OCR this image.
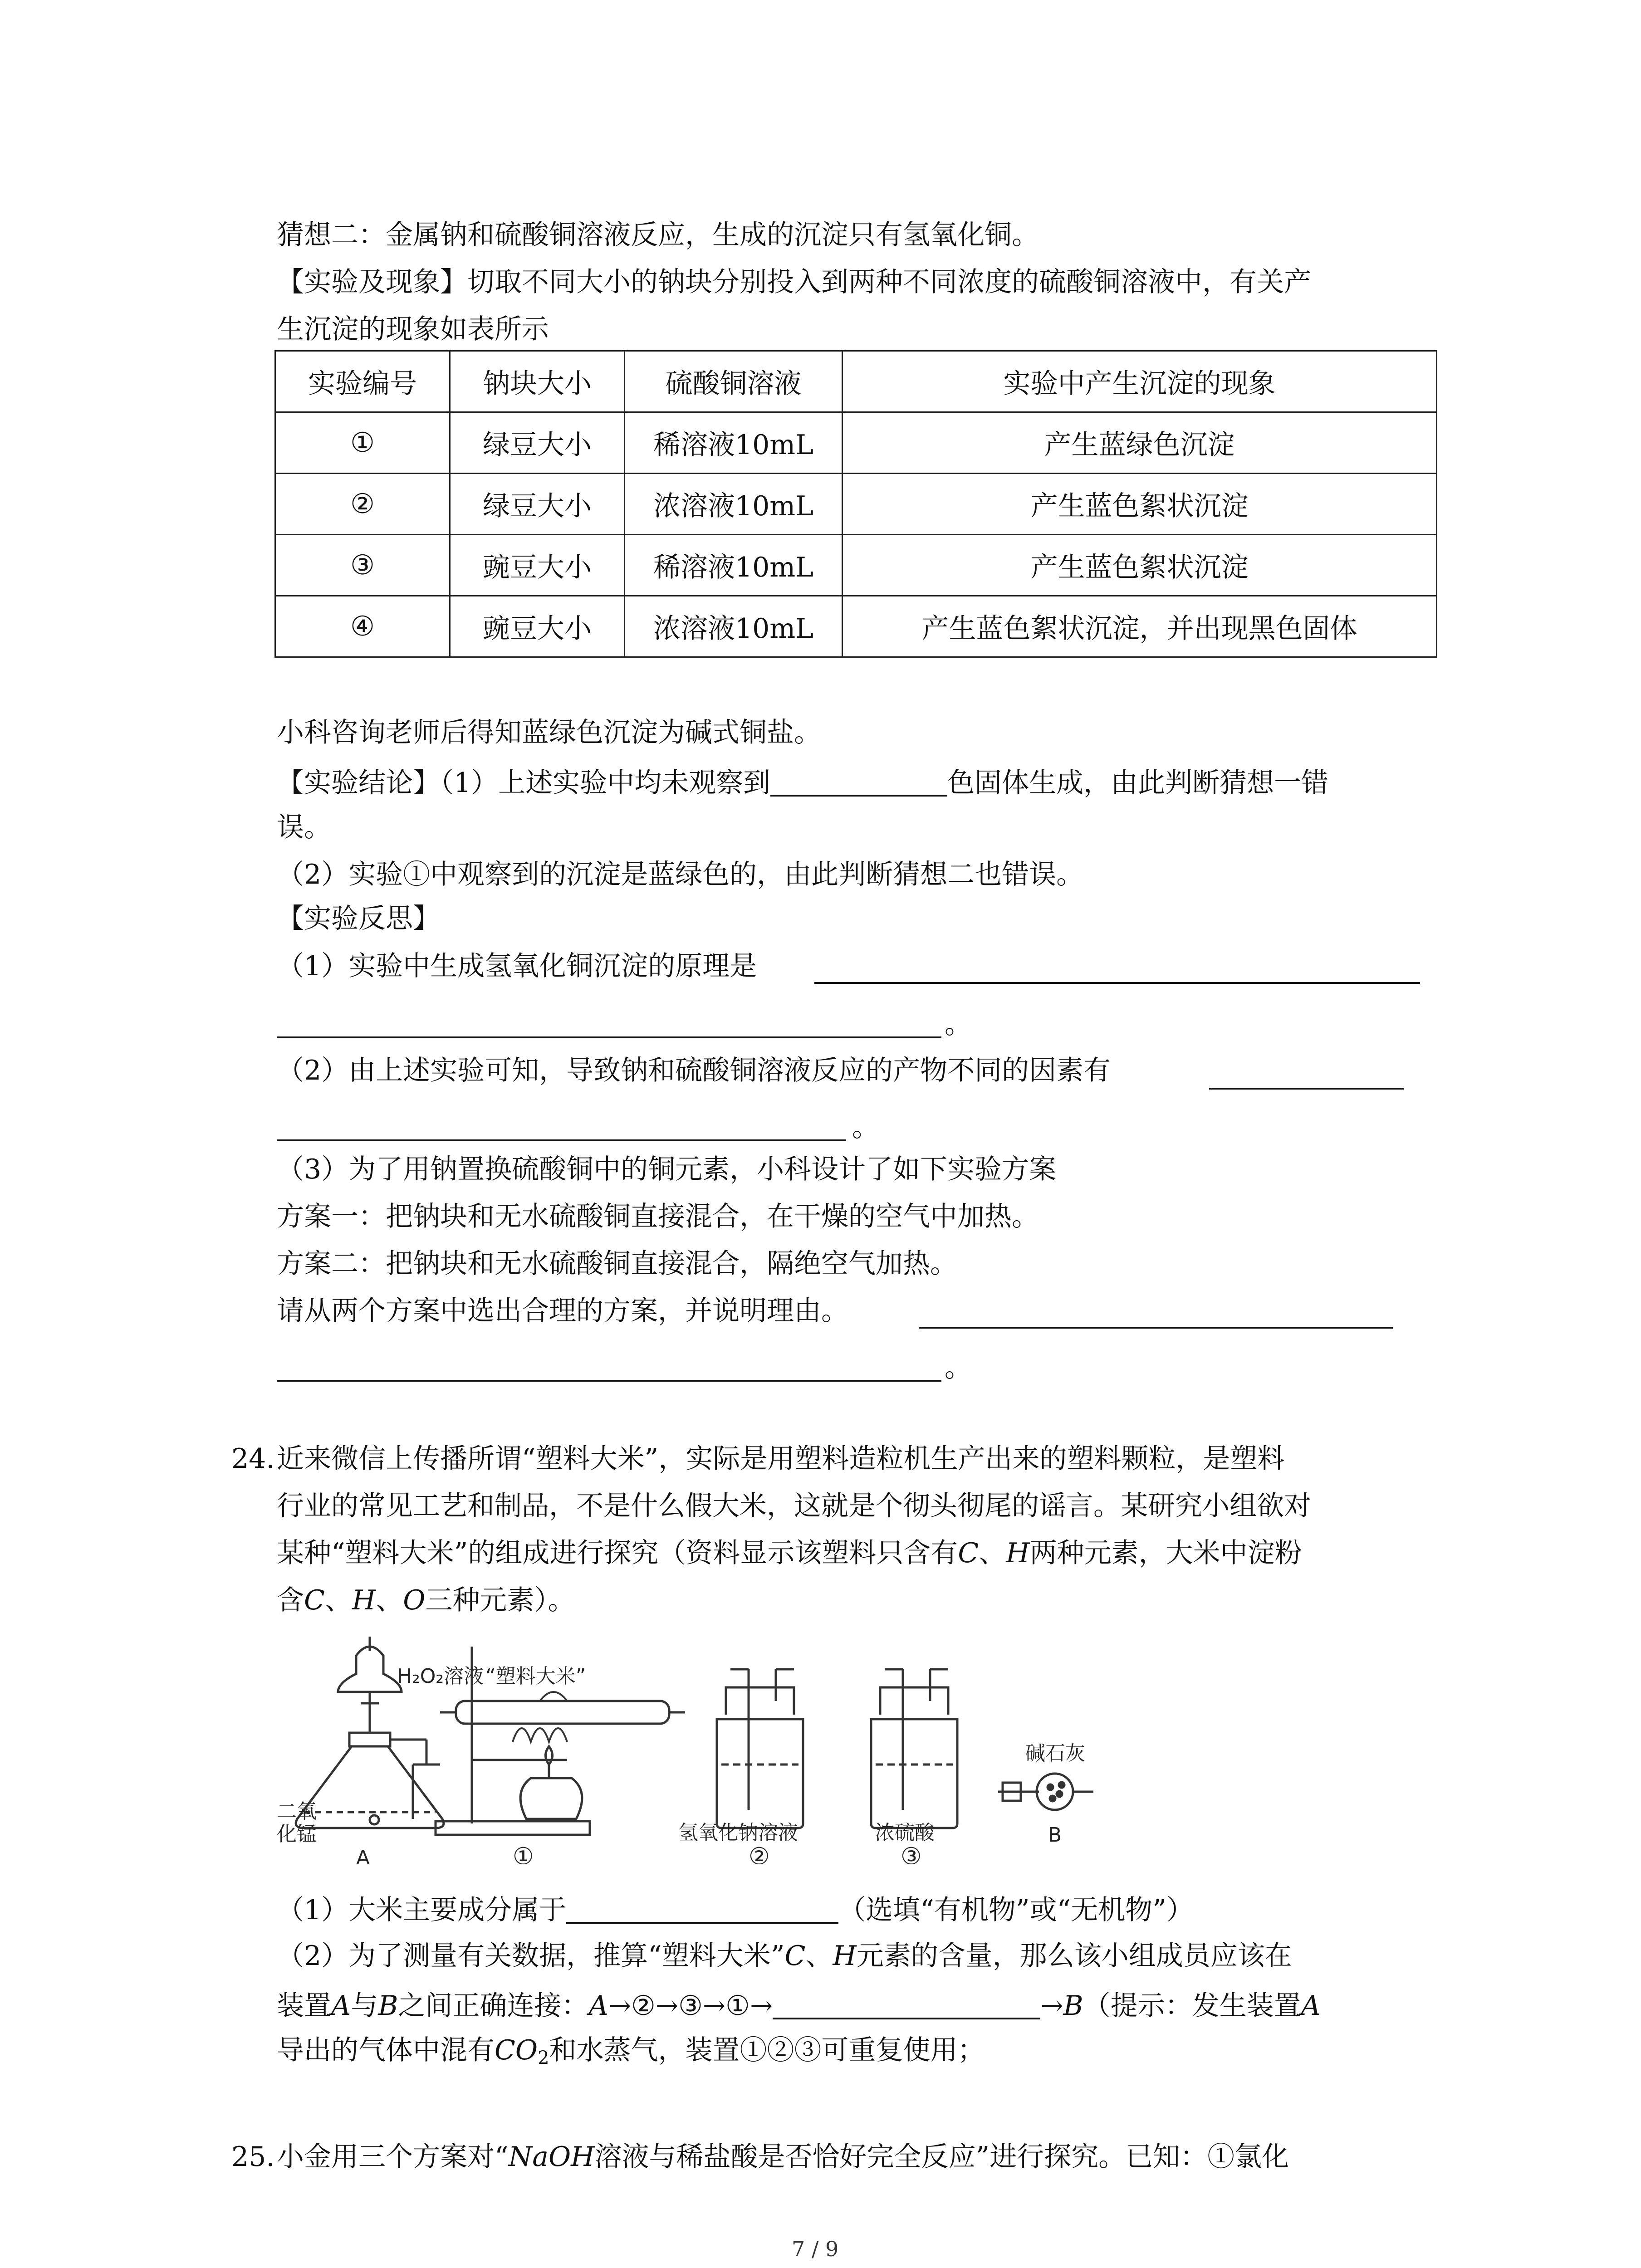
猜想二：金属钠和硫酸铜溶液反应，生成的沉淀只有氢氧化铜。
【实验及现象】切取不同大小的钠块分别投入到两种不同浓度的硫酸铜溶液中，有关产
生沉淀的现象如表所示
实验编号	钠块大小	硫酸铜溶液	实验中产生沉淀的现象
①	绿豆大小	稀溶液10mL	产生蓝绿色沉淀
②	绿豆大小	浓溶液10mL	产生蓝色絮状沉淀
③	豌豆大小	稀溶液10mL	产生蓝色絮状沉淀
④	豌豆大小	浓溶液10mL	产生蓝色絮状沉淀，并出现黑色固体
小科咨询老师后得知蓝绿色沉淀为碱式铜盐。
【实验结论】（1）上述实验中均未观察到	色固体生成，由此判断猜想一错
误。
（2）实验①中观察到的沉淀是蓝绿色的，由此判断猜想二也错误。
【实验反思】
（1）实验中生成氢氧化铜沉淀的原理是
。
（2）由上述实验可知，导致钠和硫酸铜溶液反应的产物不同的因素有
。
（3）为了用钠置换硫酸铜中的铜元素，小科设计了如下实验方案
方案一：把钠块和无水硫酸铜直接混合，在干燥的空气中加热。
方案二：把钠块和无水硫酸铜直接混合，隔绝空气加热。
请从两个方案中选出合理的方案，并说明理由。
。
24. 近来微信上传播所谓“塑料大米”，实际是用塑料造粒机生产出来的塑料颗粒，是塑料
行业的常见工艺和制品，不是什么假大米，这就是个彻头彻尾的谣言。某研究小组欲对
某种“塑料大米”的组成进行探究（资料显示该塑料只含有C、H两种元素，大米中淀粉
含C、H、O三种元素）。
H₂O₂溶液
二氧
化锰
A
“塑料大米”
①
氢氧化钠溶液
②
浓硫酸
③
碱石灰
B
（1）大米主要成分属于	（选填“有机物”或“无机物”）
（2）为了测量有关数据，推算“塑料大米”C、H元素的含量，那么该小组成员应该在
装置A与B之间正确连接：A→②→③→①→	→B（提示：发生装置A
导出的气体中混有$CO_2$和水蒸气，装置①②③可重复使用；
25. 小金用三个方案对“NaOH溶液与稀盐酸是否恰好完全反应”进行探究。已知：①氯化
7 / 9
